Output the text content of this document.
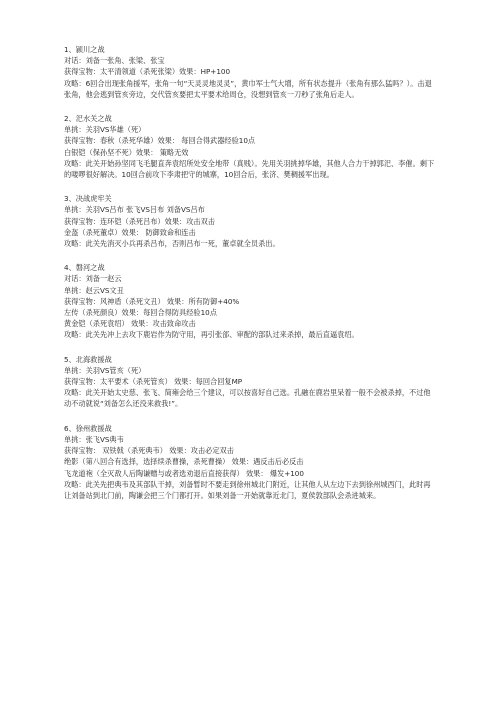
1、颍川之战

对话：刘备一张角、张梁、张宝

获得宝物：太平清领道（杀死张梁）效果：HP+100

攻略：6回合出现张角援军，张角一句“天灵灵地灵灵”，黄巾军士气大增，所有状态提升（张角有那么猛吗？）。击退张角，他会逃到管亥旁边，交代管亥要把太平要术给周仓，没想到管亥一刀秒了张角后走人。

2、汜水关之战

单挑：关羽VS华雄（死）

获得宝物：春秋（杀死华雄）效果： 每回合得武器经验10点

白银铠（保孙坚不死）效果： 策略无效

攻略：此关开始孙坚同飞毛腿直奔袁绍所处安全地带（真贱）。先用关羽挑掉华雄，其他人合力干掉郭汜、李催。剩下的喽啰很好解决。10回合前攻下李肃把守的城寨，10回合后，张济、樊稠援军出现。

3、决战虎牢关

单挑：关羽VS吕布 张飞VS吕布 刘备VS吕布

获得宝物：连环铠（杀死吕布）效果：攻击双击

金盔（杀死董卓）效果： 防御致命和连击

攻略：此关先消灭小兵再杀吕布，否则吕布一死，董卓就全员杀出。

4、磐河之战

对话：刘备一赵云

单挑：赵云VS文丑

获得宝物：风神盾（杀死文丑） 效果：所有防御+40%

左传（杀死颜良）效果：每回合得防具经验10点

黄金铠（杀死袁绍） 效果：攻击致命攻击

攻略：此关先冲上去攻下鹿岩作为防守用，再引张郃、审配的部队过来杀掉，最后直逼袁绍。

5、北海救援战

单挑：关羽VS管亥（死）

获得宝物：太平要术（杀死管亥） 效果：每回合回复MP

攻略：此关开始太史慈、张飞、简雍会给三个建议，可以按喜好自己选。孔融在鹿岩里呆着一般不会被杀掉，不过他动不动就说“刘备怎么还没来救我!”。

6、徐州救援战

单挑：张飞VS典韦

获得宝物： 双铁戟（杀死典韦） 效果：攻击必定双击

绝影（第八回合有选择，选择续杀曹操，杀死曹操） 效果：遇反击后必反击

飞龙道袍（全灭敌人后陶谦赠与或者选劝退后直接获得） 效果： 爆发+100

攻略：此关先把典韦及其部队干掉，刘备暂时不要走到徐州城北门附近，让其他人从左边下去到徐州城西门，此时再让刘备站到北门前，陶谦会把三个门都打开。如果刘备一开始就靠近北门，夏侯敦部队会杀进城来。
